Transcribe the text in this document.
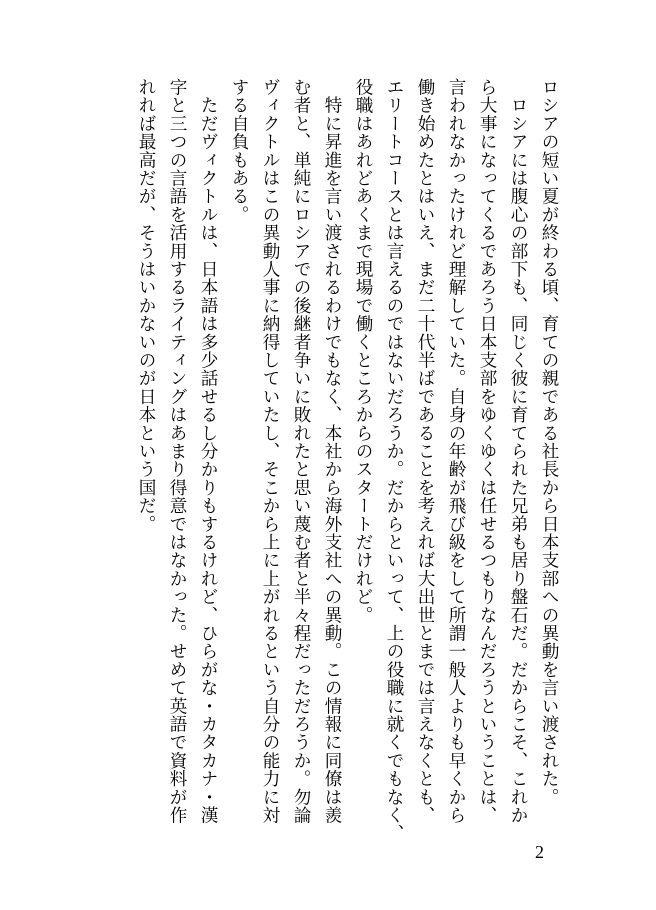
ロシアの短い夏が終わる頃、育ての親である社長から日本支部への異動を言い渡された。
　ロシアには腹心の部下も、同じく彼に育てられた兄弟も居り盤石だ。だからこそ、これか
ら大事になってくるであろう日本支部をゆくゆくは任せるつもりなんだろうということは、
言われなかったけれど理解していた。自身の年齢が飛び級をして所謂一般人よりも早くから
働き始めたとはいえ、まだ二十代半ばであることを考えれば大出世とまでは言えなくとも、
エリートコースとは言えるのではないだろうか。だからといって、上の役職に就くでもなく、
役職はあれどあくまで現場で働くところからのスタートだけれど。
　特に昇進を言い渡されるわけでもなく、本社から海外支社への異動。この情報に同僚は羨
む者と、単純にロシアでの後継者争いに敗れたと思い蔑む者と半々程だっただろうか。勿論
ヴィクトルはこの異動人事に納得していたし、そこから上に上がれるという自分の能力に対
する自負もある。
　ただヴィクトルは、日本語は多少話せるし分かりもするけれど、ひらがな・カタカナ・漢
字と三つの言語を活用するライティングはあまり得意ではなかった。せめて英語で資料が作
れれば最高だが、そうはいかないのが日本という国だ。
2
